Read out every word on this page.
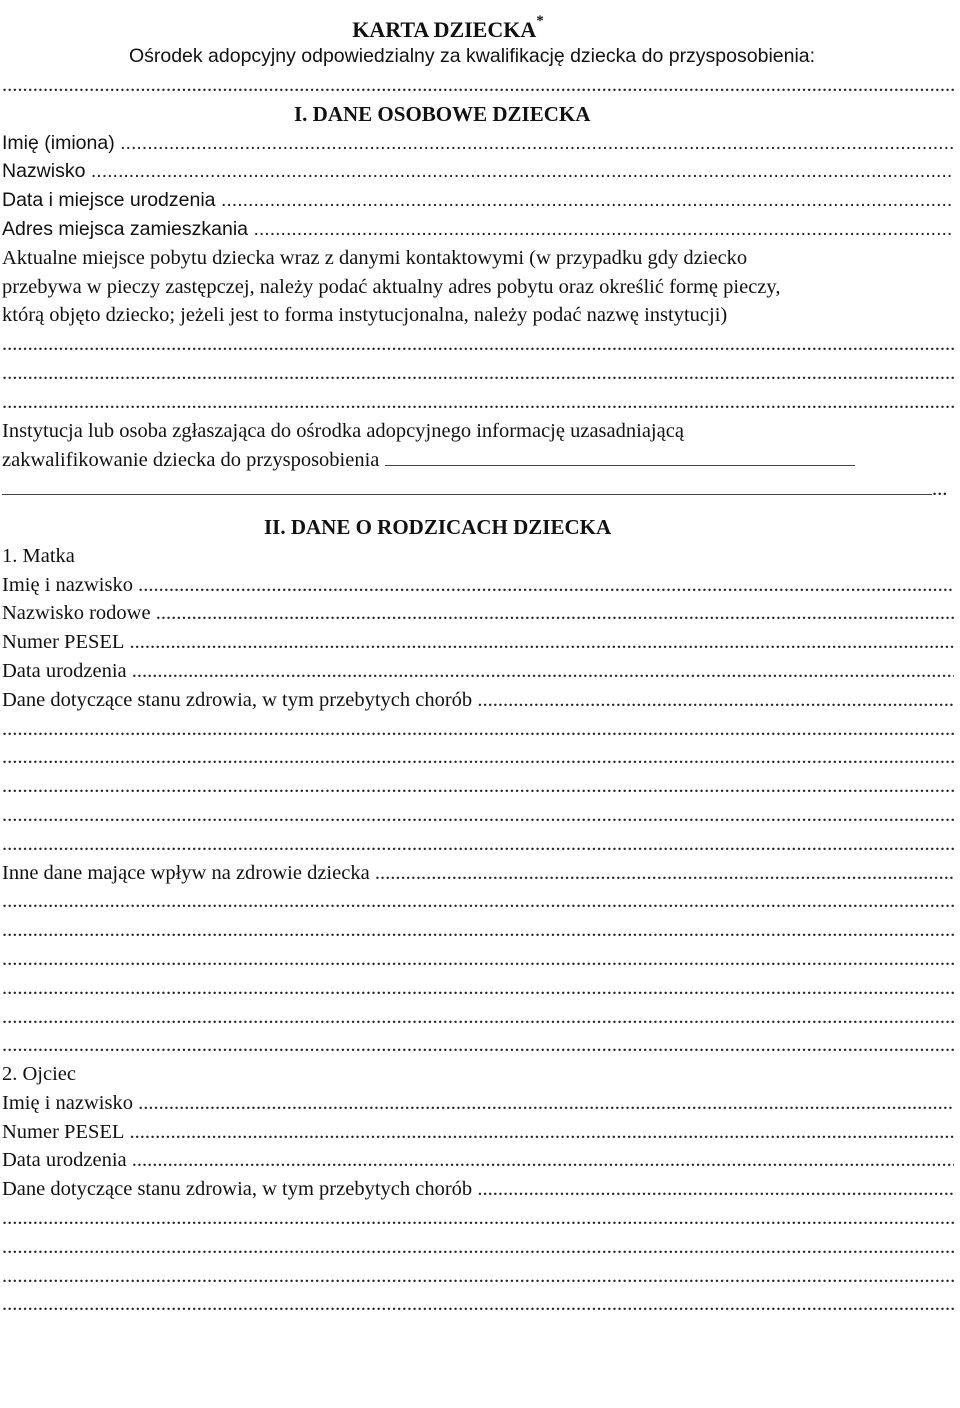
KARTA DZIECKA*
Ośrodek adopcyjny odpowiedzialny za kwalifikację dziecka do przysposobienia:
.....
I. DANE OSOBOWE DZIECKA
Imię (imiona)

.....
Nazwisko

.....
Data i miejsce urodzenia

.....
Adres miejsca zamieszkania

.....
Aktualne miejsce pobytu dziecka wraz z danymi kontaktowymi (w przypadku gdy dziecko
przebywa w pieczy zastępczej, należy podać aktualny adres pobytu oraz określić formę pieczy,
którą objęto dziecko; jeżeli jest to forma instytucjonalna, należy podać nazwę instytucji)
.....
.....
.....
Instytucja lub osoba zgłaszająca do ośrodka adopcyjnego informację uzasadniającą
zakwalifikowanie dziecka do przysposobienia
...
II. DANE O RODZICACH DZIECKA
1. Matka
Imię i nazwisko

.....
Nazwisko rodowe

.....
Numer PESEL

.....
Data urodzenia

.....
Dane dotyczące stanu zdrowia, w tym przebytych chorób

.....
.....
.....
.....
.....
.....
Inne dane mające wpływ na zdrowie dziecka

.....
.....
.....
.....
.....
.....
.....
2. Ojciec
Imię i nazwisko

.....
Numer PESEL

.....
Data urodzenia

.....
Dane dotyczące stanu zdrowia, w tym przebytych chorób

.....
.....
.....
.....
.....
